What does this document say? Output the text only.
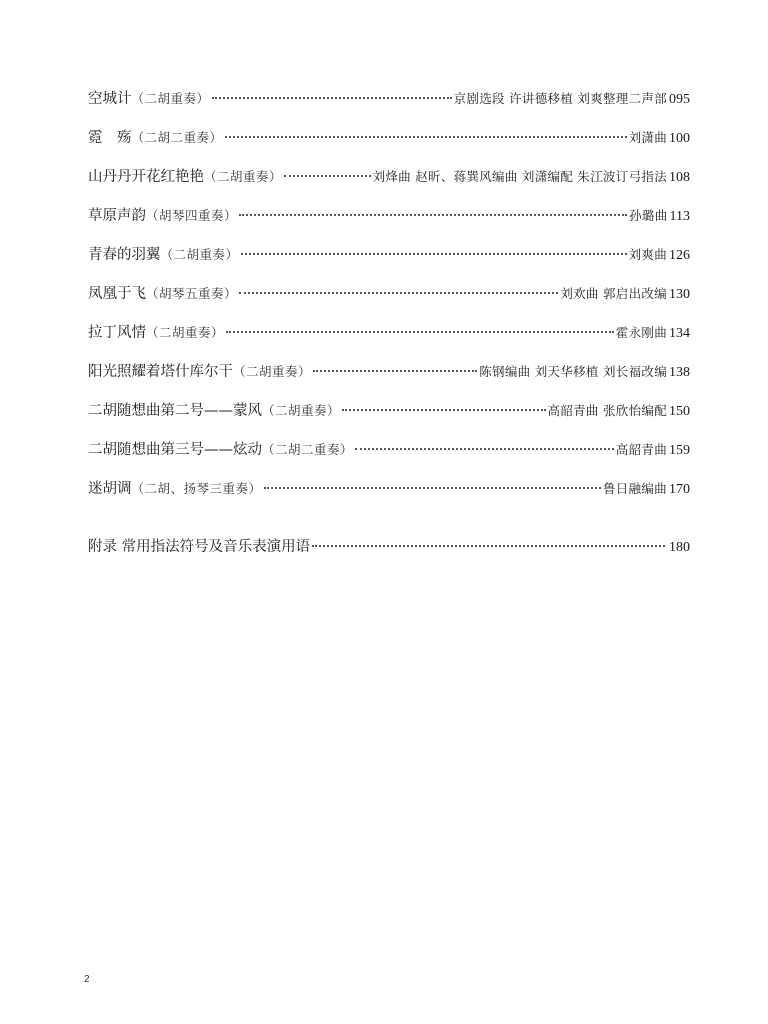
空城计 （二胡重奏）	京剧选段 许讲德移植 刘爽整理二声部 095
霓　殇 （二胡二重奏）	刘潇曲 100
山丹丹开花红艳艳 （二胡重奏）	刘烽曲 赵昕、蒋巽风编曲 刘潇编配 朱江波订弓指法 108
草原声韵 （胡琴四重奏）	孙璐曲 113
青春的羽翼 （二胡重奏）	刘爽曲 126
凤凰于飞 （胡琴五重奏）	刘欢曲 郭启出改编 130
拉丁风情 （二胡重奏）	霍永刚曲 134
阳光照耀着塔什库尔干 （二胡重奏）	陈钢编曲 刘天华移植 刘长福改编 138
二胡随想曲第二号——蒙风 （二胡重奏）	高韶青曲 张欣怡编配 150
二胡随想曲第三号——炫动 （二胡二重奏）	高韶青曲 159
迷胡调 （二胡、扬琴三重奏）	鲁日融编曲 170
附录 常用指法符号及音乐表演用语	180
2
